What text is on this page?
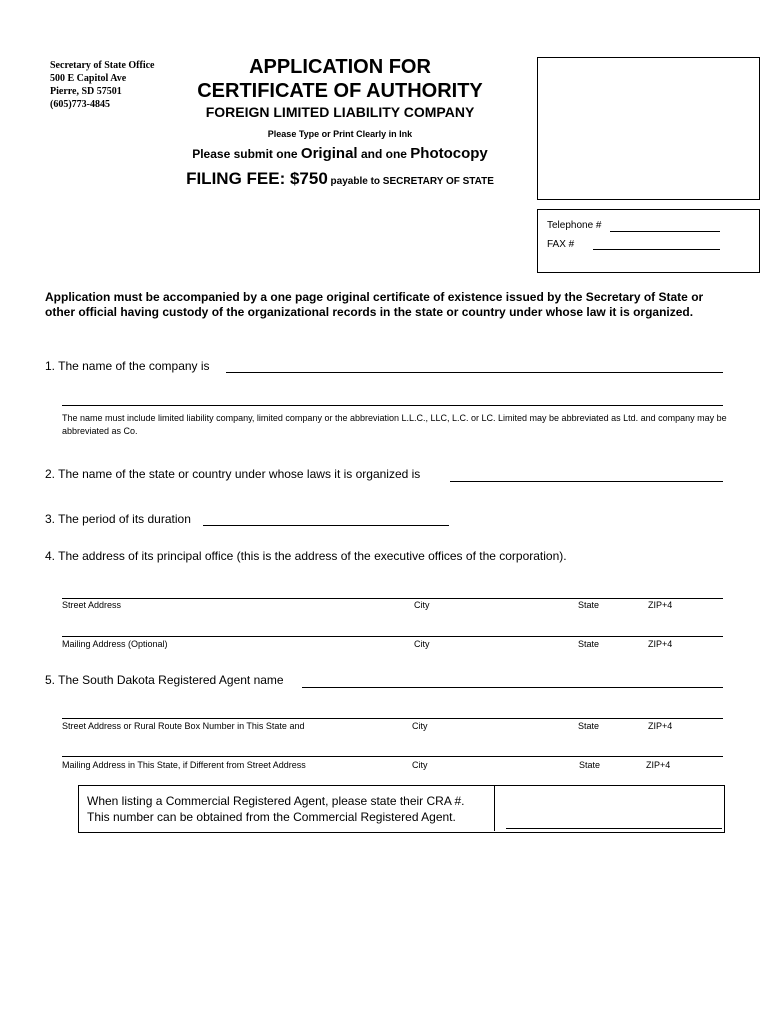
Secretary of State Office
500 E Capitol Ave
Pierre, SD 57501
(605)773-4845
APPLICATION FOR
CERTIFICATE OF AUTHORITY
FOREIGN LIMITED LIABILITY COMPANY
Please Type or Print Clearly in Ink
Please submit one Original and one Photocopy
FILING FEE: $750 payable to SECRETARY OF STATE
Telephone #
FAX #
Application must be accompanied by a one page original certificate of existence issued by the Secretary of State or other official having custody of the organizational records in the state or country under whose law it is organized.
1. The name of the company is
The name must include limited liability company, limited company or the abbreviation L.L.C., LLC, L.C. or LC. Limited may be abbreviated as Ltd. and company may be abbreviated as Co.
2. The name of the state or country under whose laws it is organized is
3. The period of its duration
4. The address of its principal office (this is the address of the executive offices of the corporation).
Street Address	City	State	ZIP+4
Mailing Address (Optional)	City	State	ZIP+4
5. The South Dakota Registered Agent name
Street Address or Rural Route Box Number in This State and	City	State	ZIP+4
Mailing Address in This State, if Different from Street Address	City	State	ZIP+4
When listing a Commercial Registered Agent, please state their CRA #.
This number can be obtained from the Commercial Registered Agent.
